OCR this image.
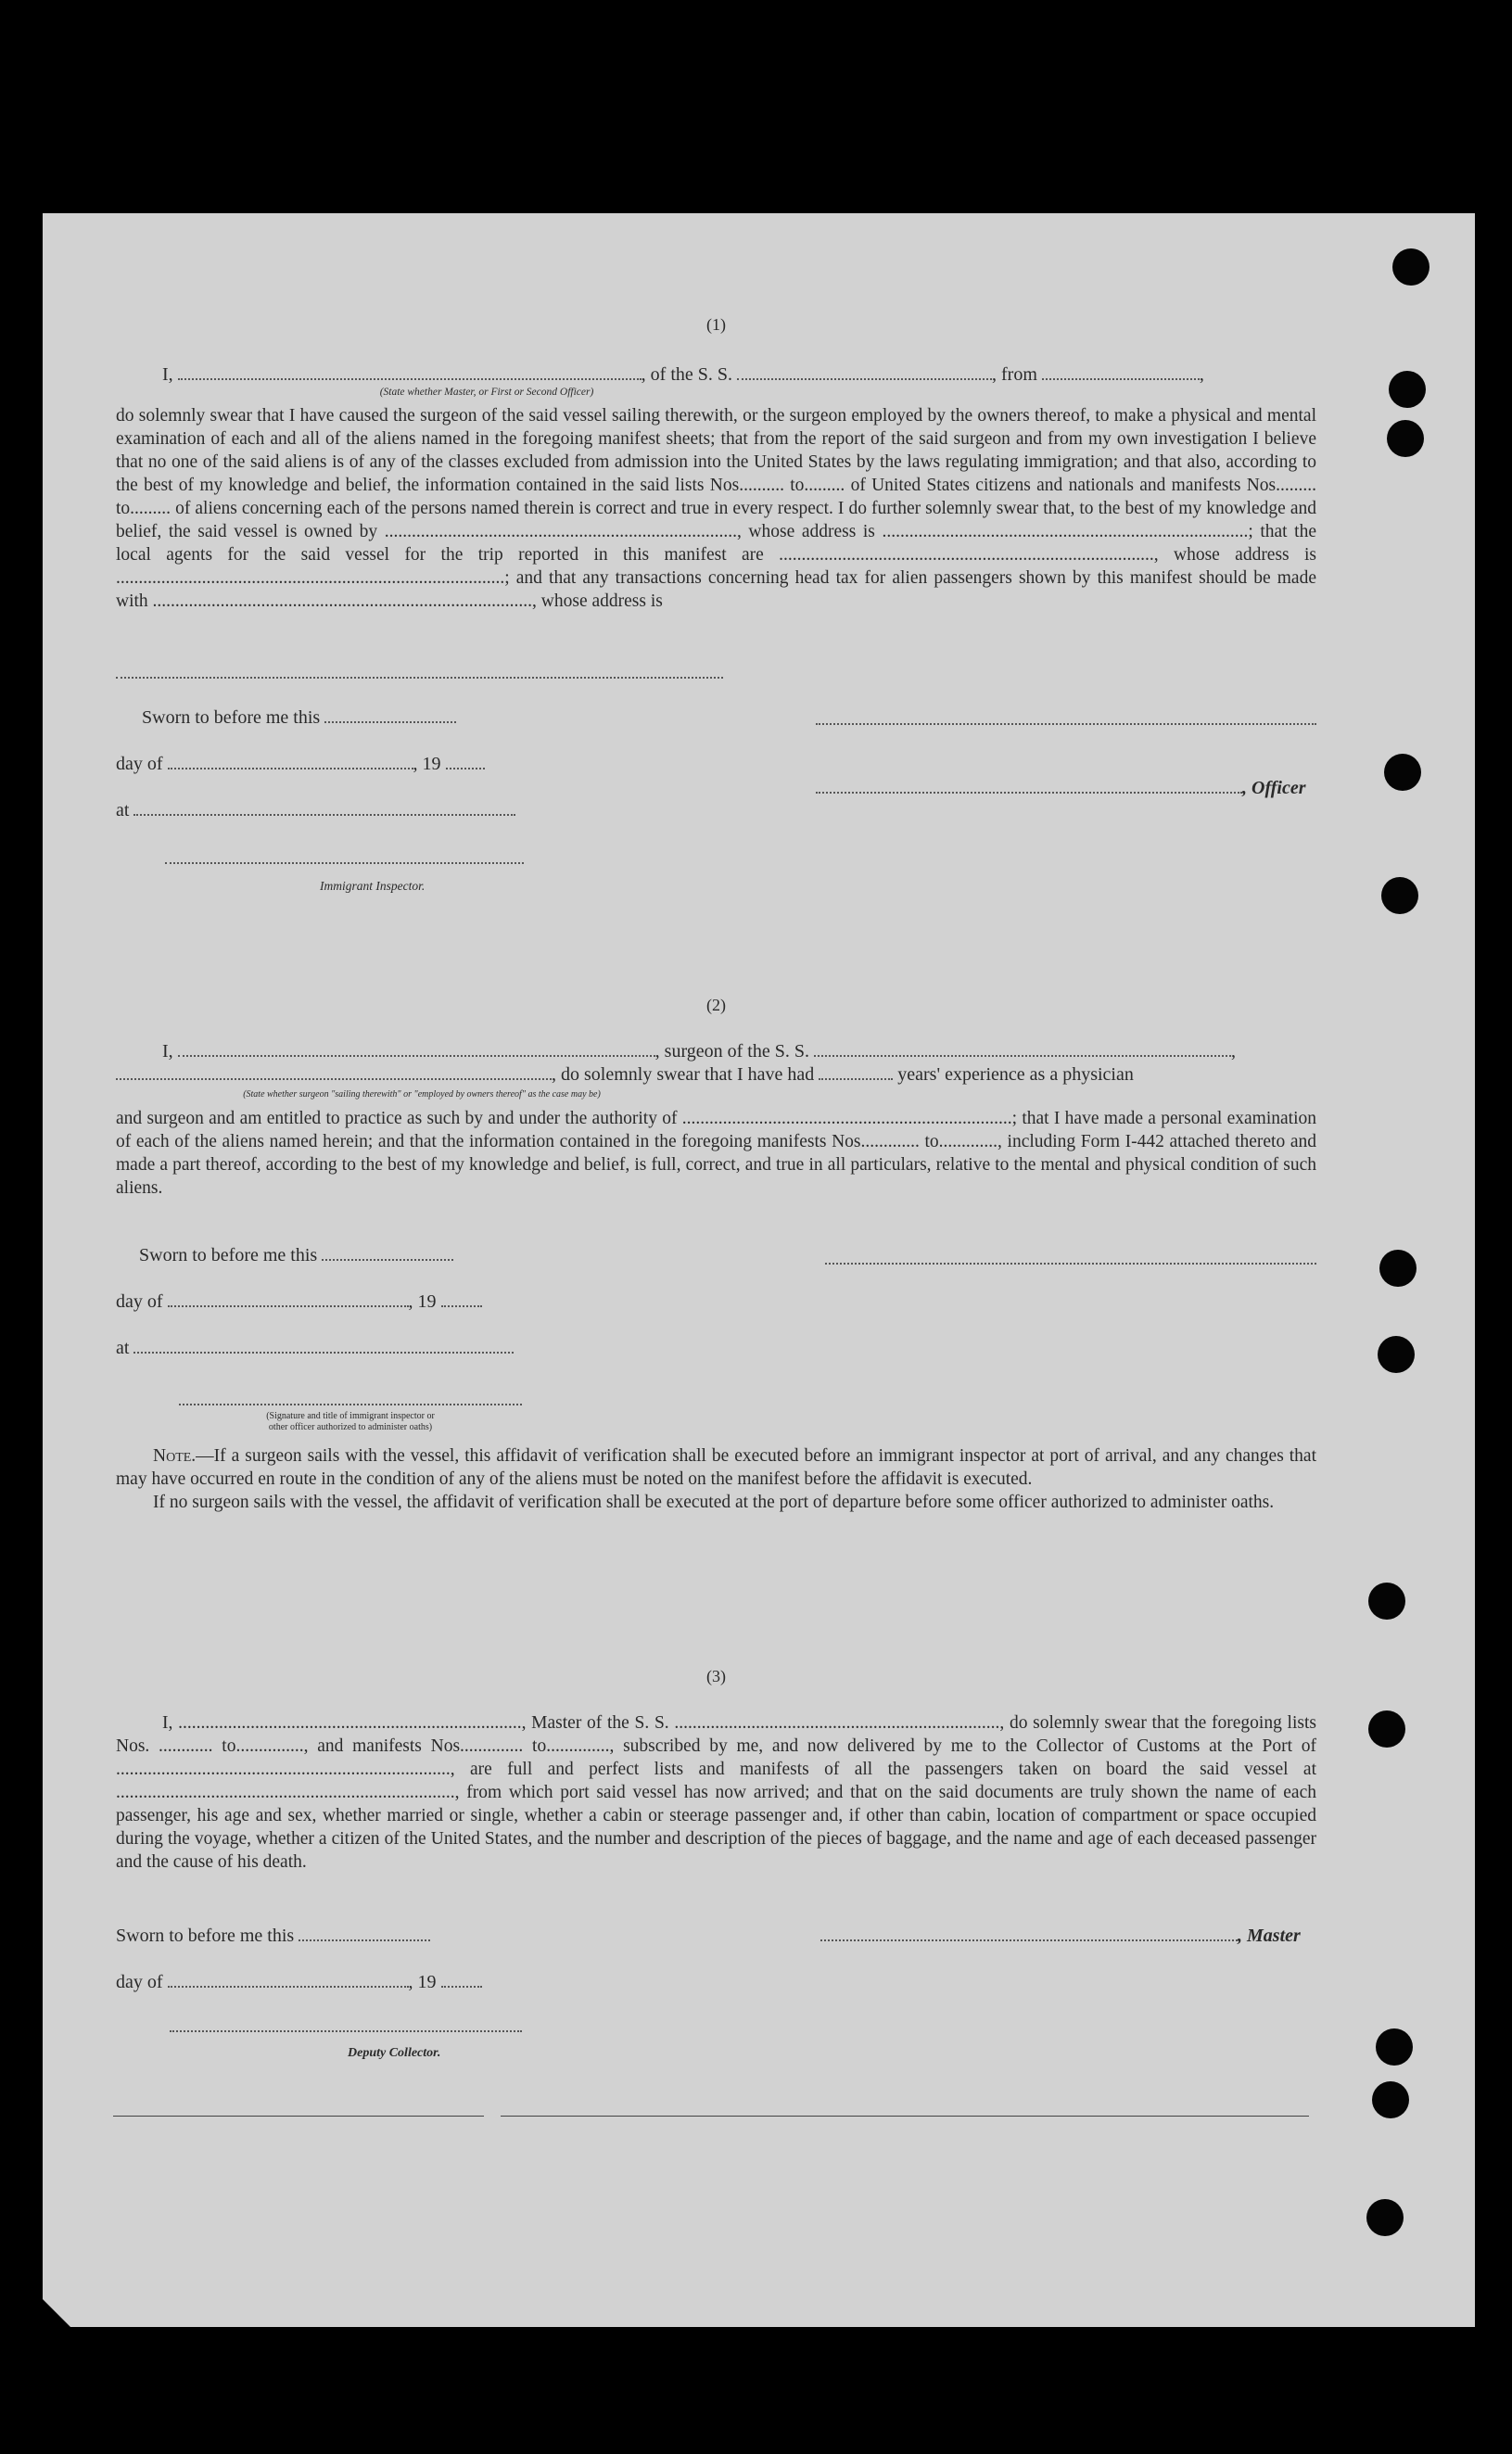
(1)
I,	, of the S. S.	, from	,
(State whether Master, or First or Second Officer)
do solemnly swear that I have caused the surgeon of the said vessel sailing therewith, or the surgeon employed by the owners thereof, to make a physical and mental examination of each and all of the aliens named in the foregoing manifest sheets; that from the report of the said surgeon and from my own investigation I believe that no one of the said aliens is of any of the classes excluded from admission into the United States by the laws regulating immigration; and that also, according to the best of my knowledge and belief, the information contained in the said lists Nos.......... to......... of United States citizens and nationals and manifests Nos......... to......... of aliens concerning each of the persons named therein is correct and true in every respect. I do further solemnly swear that, to the best of my knowledge and belief, the said vessel is owned by .............................................................................., whose address is .................................................................................; that the local agents for the said vessel for the trip reported in this manifest are ..................................................................................., whose address is ......................................................................................; and that any transactions concerning head tax for alien passengers shown by this manifest should be made with ...................................................................................., whose address is
Sworn to before me this
day of	, 19
, Officer
at
Immigrant Inspector.
(2)
I,	, surgeon of the S. S.	,
, do solemnly swear that I have had	years' experience as a physician
(State whether surgeon "sailing therewith" or "employed by owners thereof" as the case may be)
and surgeon and am entitled to practice as such by and under the authority of .........................................................................; that I have made a personal examination of each of the aliens named herein; and that the information contained in the foregoing manifests Nos............. to............., including Form I-442 attached thereto and made a part thereof, according to the best of my knowledge and belief, is full, correct, and true in all particulars, relative to the mental and physical condition of such aliens.
Sworn to before me this
day of	, 19
at
(Signature and title of immigrant inspector or
other officer authorized to administer oaths)

Note.—If a surgeon sails with the vessel, this affidavit of verification shall be executed before an immigrant inspector at port of arrival, and any changes that may have occurred en route in the condition of any of the aliens must be noted on the manifest before the affidavit is executed.

If no surgeon sails with the vessel, the affidavit of verification shall be executed at the port of departure before some officer authorized to administer oaths.

(3)
I, ............................................................................, Master of the S. S. ........................................................................, do solemnly swear that the foregoing lists Nos. ............ to..............., and manifests Nos.............. to.............., subscribed by me, and now delivered by me to the Collector of Customs at the Port of .........................................................................., are full and perfect lists and manifests of all the passengers taken on board the said vessel at ..........................................................................., from which port said vessel has now arrived; and that on the said documents are truly shown the name of each passenger, his age and sex, whether married or single, whether a cabin or steerage passenger and, if other than cabin, location of compartment or space occupied during the voyage, whether a citizen of the United States, and the number and description of the pieces of baggage, and the name and age of each deceased passenger and the cause of his death.
Sworn to before me this	, Master
day of	, 19
Deputy Collector.
